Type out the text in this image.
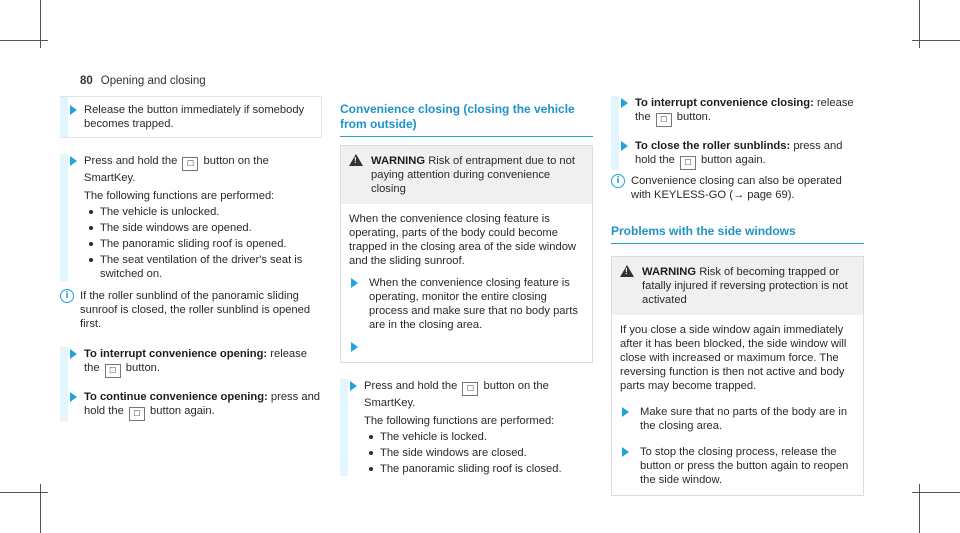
80 Opening and closing

Release the button immediately if somebody becomes trapped.

Press and hold the ☐ button on the SmartKey.

The following functions are performed:

The vehicle is unlocked.
The side windows are opened.
The panoramic sliding roof is opened.
The seat ventilation of the driver's seat is switched on.
i	If the roller sunblind of the panoramic sliding sunroof is closed, the roller sunblind is opened first.

To interrupt convenience opening: release the ☐ button.

To continue convenience opening: press and hold the ☐ button again.

Convenience closing (closing the vehicle from outside)
! WARNING Risk of entrapment due to not paying attention during convenience closing

When the convenience closing feature is operating, parts of the body could become trapped in the closing area of the side window and the sliding sunroof.

When the convenience closing feature is operating, monitor the entire closing process and make sure that no body parts are in the closing area.

Press and hold the ☐ button on the SmartKey.

The following functions are performed:

The vehicle is locked.
The side windows are closed.
The panoramic sliding roof is closed.

To interrupt convenience closing: release the ☐ button.

To close the roller sunblinds: press and hold the ☐ button again.

i	Convenience closing can also be operated with KEYLESS-GO (→ page 69).

Problems with the side windows
! WARNING Risk of becoming trapped or fatally injured if reversing protection is not activated

If you close a side window again immediately after it has been blocked, the side window will close with increased or maximum force. The reversing function is then not active and body parts may become trapped.

Make sure that no parts of the body are in the closing area.

To stop the closing process, release the button or press the button again to reopen the side window.
